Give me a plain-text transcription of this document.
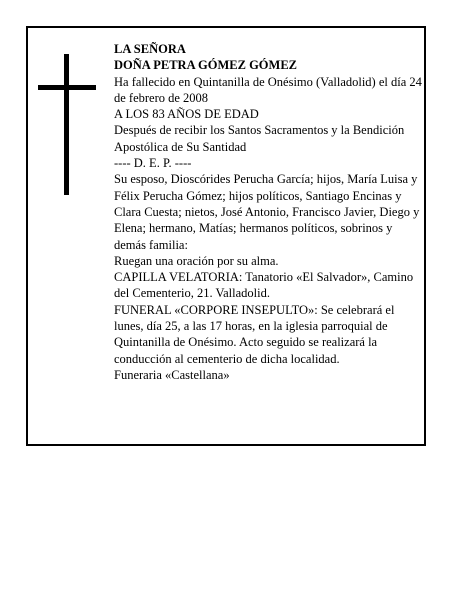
LA SEÑORA

DOÑA PETRA GÓMEZ GÓMEZ

Ha fallecido en Quintanilla de Onésimo (Valladolid) el día 24 de febrero de 2008

A LOS 83 AÑOS DE EDAD

Después de recibir los Santos Sacramentos y la Bendición Apostólica de Su Santidad

---- D. E. P. ----

Su esposo, Dioscórides Perucha García; hijos, María Luisa y Félix Perucha Gómez; hijos políticos, Santiago Encinas y Clara Cuesta; nietos, José Antonio, Francisco Javier, Diego y Elena; hermano, Matías; hermanos políticos, sobrinos y demás familia:

Ruegan una oración por su alma.

CAPILLA VELATORIA: Tanatorio «El Salvador», Camino del Cementerio, 21. Valladolid.

FUNERAL «CORPORE INSEPULTO»: Se celebrará el lunes, día 25, a las 17 horas, en la iglesia parroquial de Quintanilla de Onésimo. Acto seguido se realizará la conducción al cementerio de dicha localidad.

Funeraria «Castellana»
